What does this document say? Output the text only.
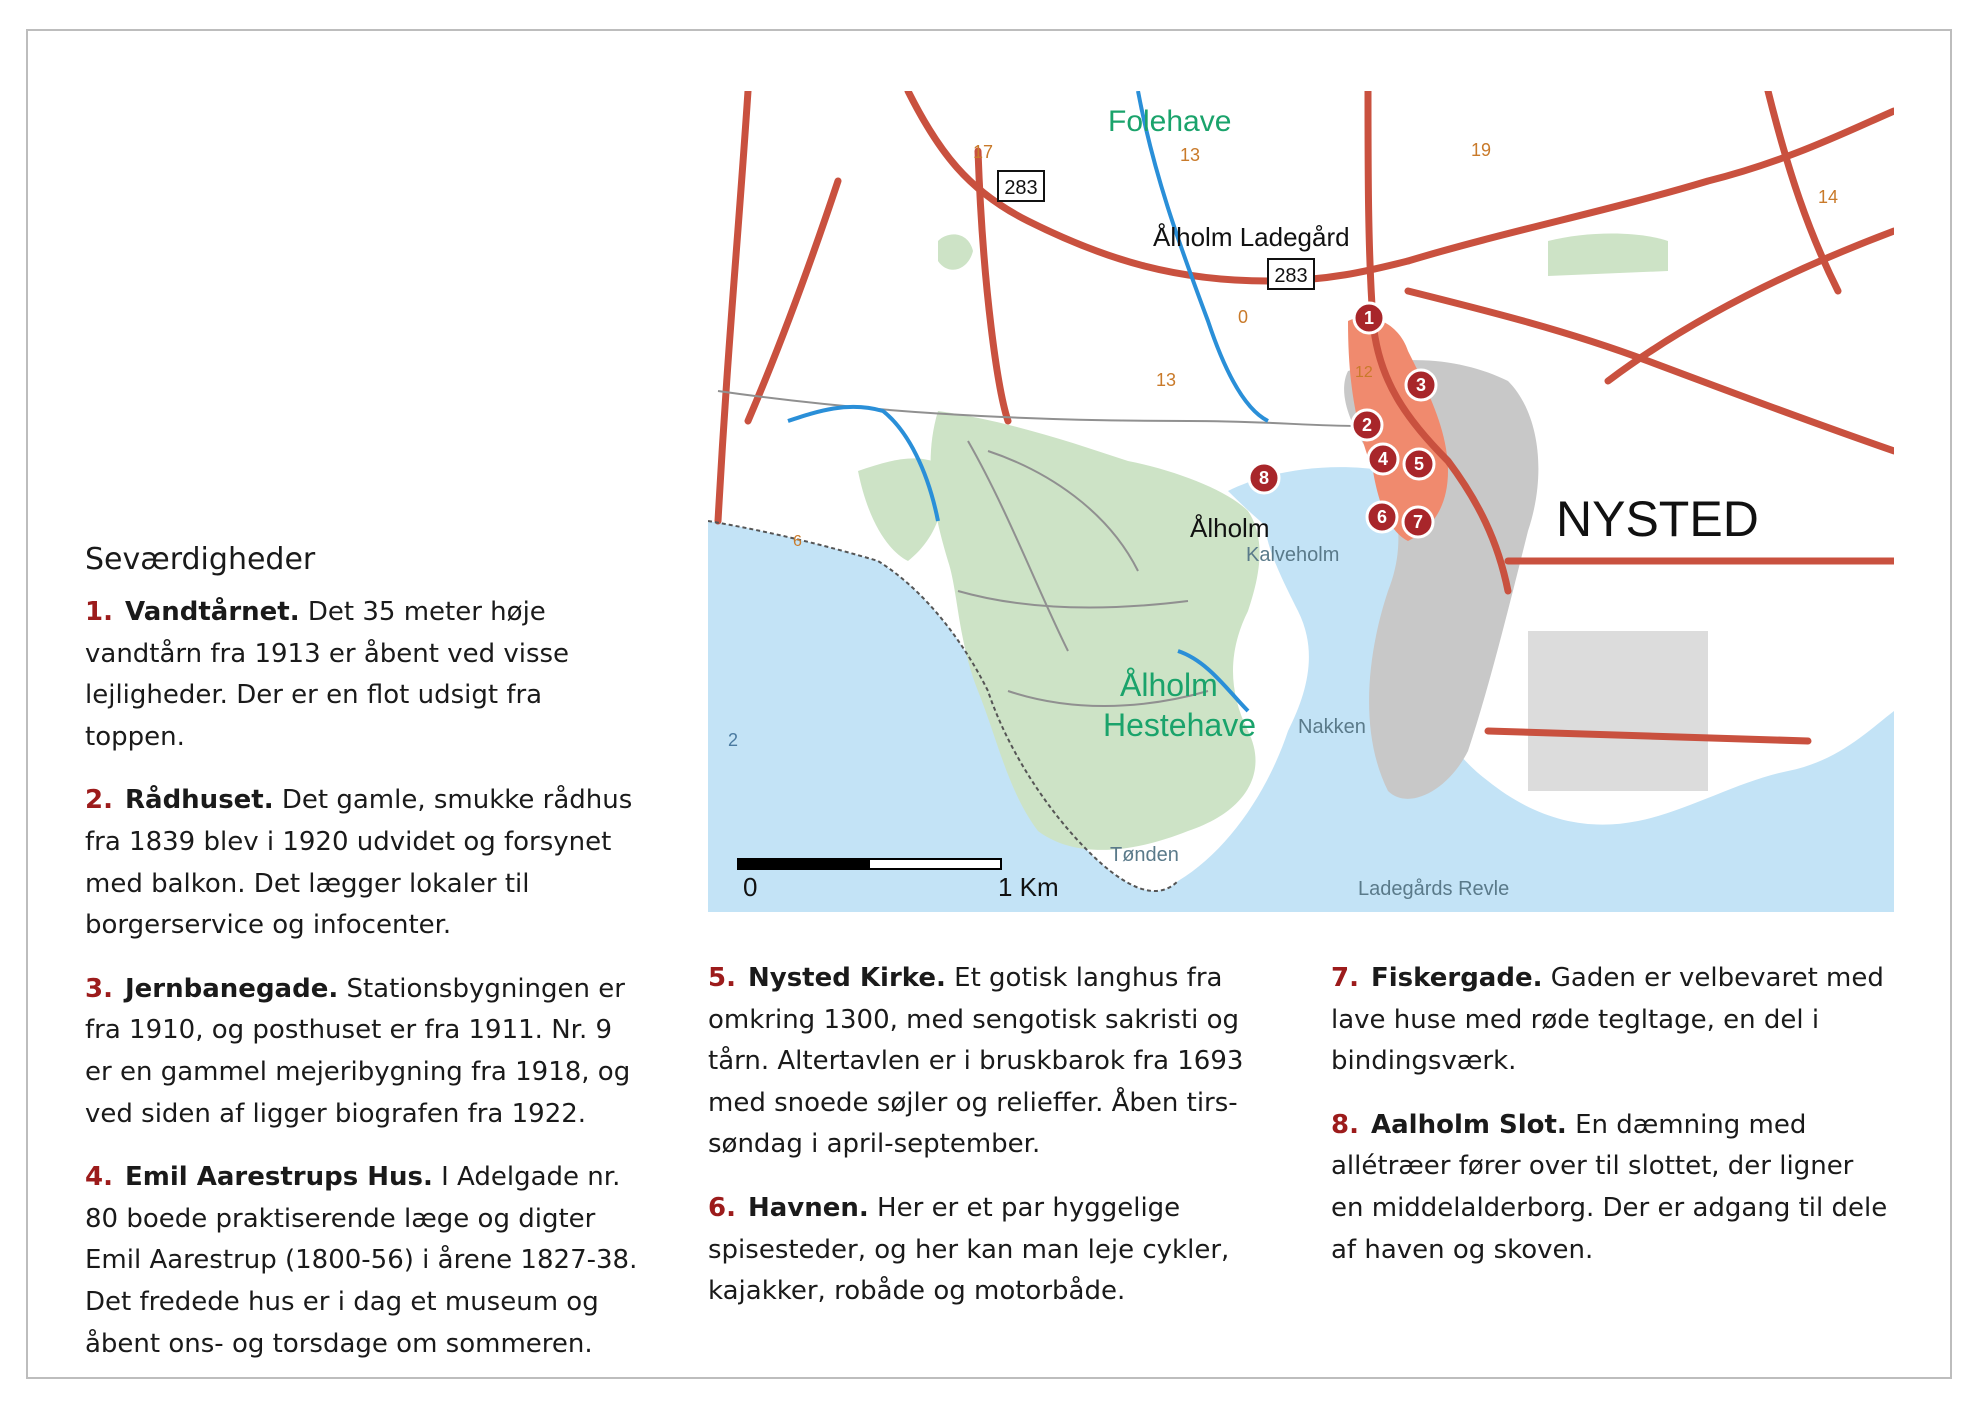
Folehave
Ålholm Ladegård
NYSTED
Ålholm
Kalveholm
Ålholm
Hestehave Nakken
Tønden
Ladegårds Revle
0	1 Km
17	13	19
14
0
13	12
6
2
283
283
1
2
3
4 5
6 7
8
Seværdigheder
1. Vandtårnet. Det 35 meter høje vandtårn fra 1913 er åbent ved visse lejligheder. Der er en flot udsigt fra toppen.
2. Rådhuset. Det gamle, smukke rådhus fra 1839 blev i 1920 udvidet og forsynet med balkon. Det lægger lokaler til borgerservice og infocenter.
3. Jernbanegade. Stationsbygningen er fra 1910, og posthuset er fra 1911. Nr. 9 er en gammel mejeribygning fra 1918, og ved siden af ligger biografen fra 1922.
4. Emil Aarestrups Hus. I Adelgade nr. 80 boede praktiserende læge og digter Emil Aarestrup (1800-56) i årene 1827-38. Det fredede hus er i dag et museum og åbent ons- og torsdage om sommeren.
5. Nysted Kirke. Et gotisk langhus fra omkring 1300, med sengotisk sakristi og tårn. Altertavlen er i bruskbarok fra 1693 med snoede søjler og relieffer. Åben tirs-søndag i april-september.
6. Havnen. Her er et par hyggelige spisesteder, og her kan man leje cykler, kajakker, robåde og motorbåde.
7. Fiskergade. Gaden er velbevaret med lave huse med røde tegltage, en del i bindingsværk.
8. Aalholm Slot. En dæmning med allétræer fører over til slottet, der ligner en middelalderborg. Der er adgang til dele af haven og skoven.
